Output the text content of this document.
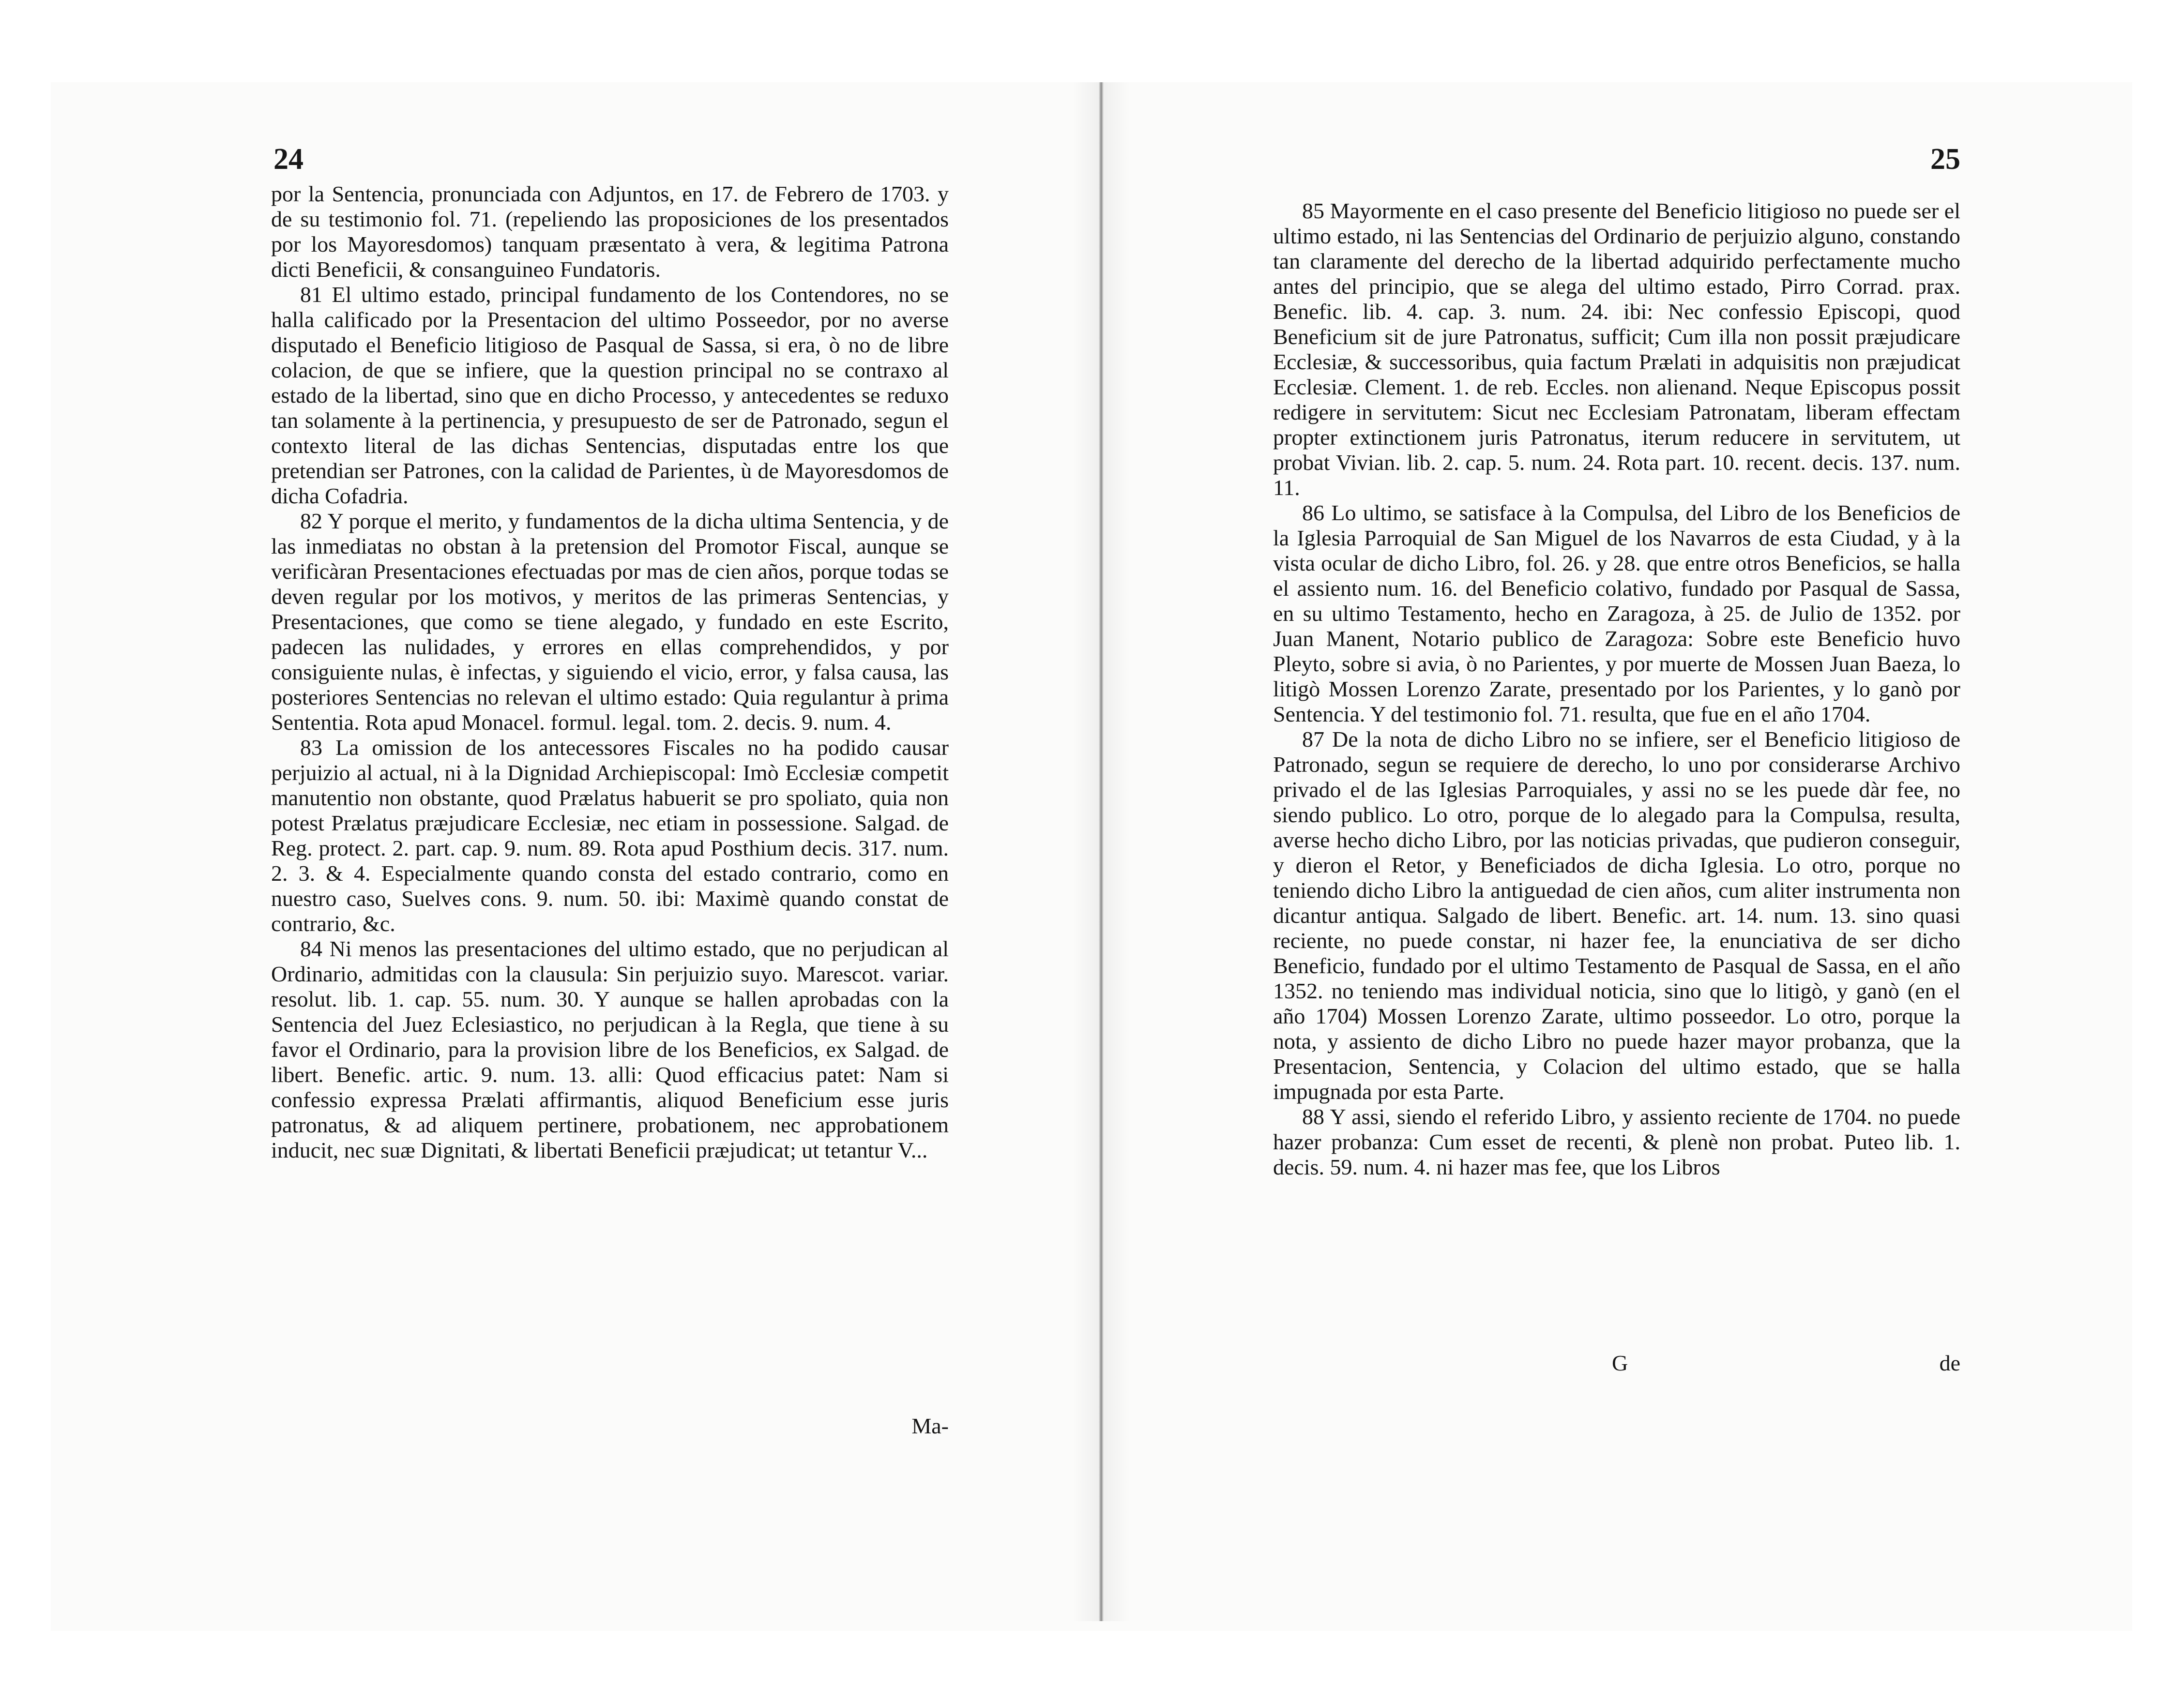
24

por la Sentencia, pronunciada con Adjuntos, en 17. de Febrero de 1703. y de su testimonio fol. 71. (repeliendo las proposiciones de los presentados por los Mayoresdomos) tanquam præsentato à vera, & legitima Patrona dicti Beneficii, & consanguineo Fundatoris.

81 El ultimo estado, principal fundamento de los Contendores, no se halla calificado por la Presentacion del ultimo Posseedor, por no averse disputado el Beneficio litigioso de Pasqual de Sassa, si era, ò no de libre colacion, de que se infiere, que la question principal no se contraxo al estado de la libertad, sino que en dicho Processo, y antecedentes se reduxo tan solamente à la pertinencia, y presupuesto de ser de Patronado, segun el contexto literal de las dichas Sentencias, disputadas entre los que pretendian ser Patrones, con la calidad de Parientes, ù de Mayoresdomos de dicha Cofadria.

82 Y porque el merito, y fundamentos de la dicha ultima Sentencia, y de las inmediatas no obstan à la pretension del Promotor Fiscal, aunque se verificàran Presentaciones efectuadas por mas de cien años, porque todas se deven regular por los motivos, y meritos de las primeras Sentencias, y Presentaciones, que como se tiene alegado, y fundado en este Escrito, padecen las nulidades, y errores en ellas comprehendidos, y por consiguiente nulas, è infectas, y siguiendo el vicio, error, y falsa causa, las posteriores Sentencias no relevan el ultimo estado: Quia regulantur à prima Sententia. Rota apud Monacel. formul. legal. tom. 2. decis. 9. num. 4.

83 La omission de los antecessores Fiscales no ha podido causar perjuizio al actual, ni à la Dignidad Archiepiscopal: Imò Ecclesiæ competit manutentio non obstante, quod Prælatus habuerit se pro spoliato, quia non potest Prælatus præjudicare Ecclesiæ, nec etiam in possessione. Salgad. de Reg. protect. 2. part. cap. 9. num. 89. Rota apud Posthium decis. 317. num. 2. 3. & 4. Especialmente quando consta del estado contrario, como en nuestro caso, Suelves cons. 9. num. 50. ibi: Maximè quando constat de contrario, &c.

84 Ni menos las presentaciones del ultimo estado, que no perjudican al Ordinario, admitidas con la clausula: Sin perjuizio suyo. Marescot. variar. resolut. lib. 1. cap. 55. num. 30. Y aunque se hallen aprobadas con la Sentencia del Juez Eclesiastico, no perjudican à la Regla, que tiene à su favor el Ordinario, para la provision libre de los Beneficios, ex Salgad. de libert. Benefic. artic. 9. num. 13. alli: Quod efficacius patet: Nam si confessio expressa Prælati affirmantis, aliquod Beneficium esse juris patronatus, & ad aliquem pertinere, probationem, nec approbationem inducit, nec suæ Dignitati, & libertati Beneficii præjudicat; ut tetantur V...

Ma-
25

85 Mayormente en el caso presente del Beneficio litigioso no puede ser el ultimo estado, ni las Sentencias del Ordinario de perjuizio alguno, constando tan claramente del derecho de la libertad adquirido perfectamente mucho antes del principio, que se alega del ultimo estado, Pirro Corrad. prax. Benefic. lib. 4. cap. 3. num. 24. ibi: Nec confessio Episcopi, quod Beneficium sit de jure Patronatus, sufficit; Cum illa non possit præjudicare Ecclesiæ, & successoribus, quia factum Prælati in adquisitis non præjudicat Ecclesiæ. Clement. 1. de reb. Eccles. non alienand. Neque Episcopus possit redigere in servitutem: Sicut nec Ecclesiam Patronatam, liberam effectam propter extinctionem juris Patronatus, iterum reducere in servitutem, ut probat Vivian. lib. 2. cap. 5. num. 24. Rota part. 10. recent. decis. 137. num. 11.

86 Lo ultimo, se satisface à la Compulsa, del Libro de los Beneficios de la Iglesia Parroquial de San Miguel de los Navarros de esta Ciudad, y à la vista ocular de dicho Libro, fol. 26. y 28. que entre otros Beneficios, se halla el assiento num. 16. del Beneficio colativo, fundado por Pasqual de Sassa, en su ultimo Testamento, hecho en Zaragoza, à 25. de Julio de 1352. por Juan Manent, Notario publico de Zaragoza: Sobre este Beneficio huvo Pleyto, sobre si avia, ò no Parientes, y por muerte de Mossen Juan Baeza, lo litigò Mossen Lorenzo Zarate, presentado por los Parientes, y lo ganò por Sentencia. Y del testimonio fol. 71. resulta, que fue en el año 1704.

87 De la nota de dicho Libro no se infiere, ser el Beneficio litigioso de Patronado, segun se requiere de derecho, lo uno por considerarse Archivo privado el de las Iglesias Parroquiales, y assi no se les puede dàr fee, no siendo publico. Lo otro, porque de lo alegado para la Compulsa, resulta, averse hecho dicho Libro, por las noticias privadas, que pudieron conseguir, y dieron el Retor, y Beneficiados de dicha Iglesia. Lo otro, porque no teniendo dicho Libro la antiguedad de cien años, cum aliter instrumenta non dicantur antiqua. Salgado de libert. Benefic. art. 14. num. 13. sino quasi reciente, no puede constar, ni hazer fee, la enunciativa de ser dicho Beneficio, fundado por el ultimo Testamento de Pasqual de Sassa, en el año 1352. no teniendo mas individual noticia, sino que lo litigò, y ganò (en el año 1704) Mossen Lorenzo Zarate, ultimo posseedor. Lo otro, porque la nota, y assiento de dicho Libro no puede hazer mayor probanza, que la Presentacion, Sentencia, y Colacion del ultimo estado, que se halla impugnada por esta Parte.

88 Y assi, siendo el referido Libro, y assiento reciente de 1704. no puede hazer probanza: Cum esset de recenti, & plenè non probat. Puteo lib. 1. decis. 59. num. 4. ni hazer mas fee, que los Libros

G	de
